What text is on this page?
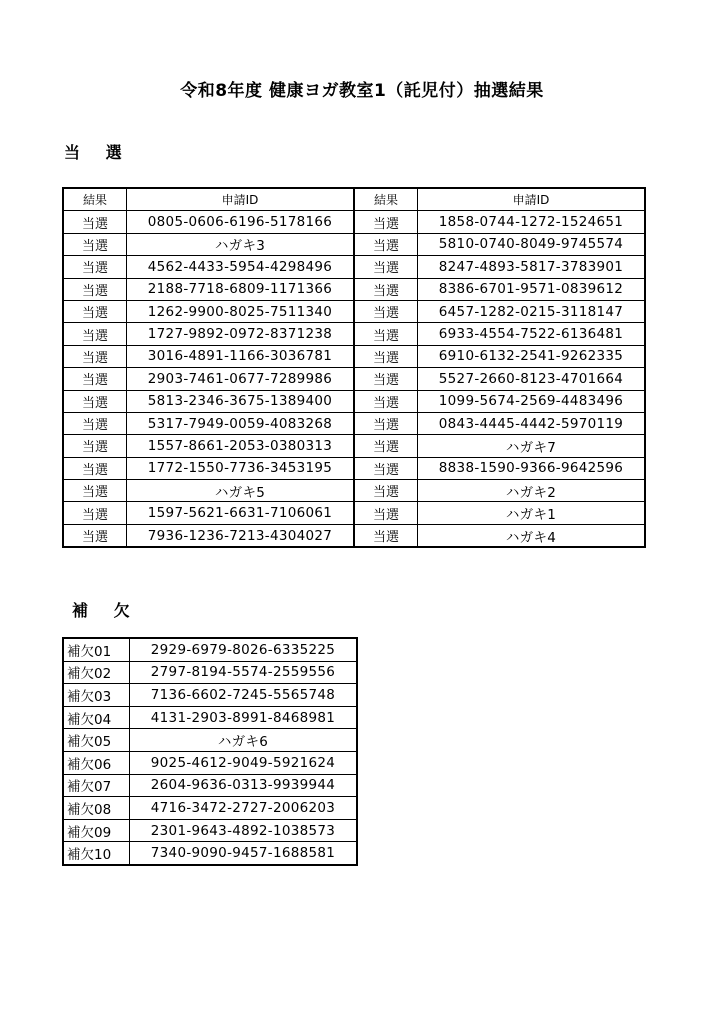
令和8年度 健康ヨガ教室1（託児付）抽選結果
当 選
結果	申請ID	結果	申請ID
当選	0805-0606-6196-5178166	当選	1858-0744-1272-1524651
当選	ハガキ3	当選	5810-0740-8049-9745574
当選	4562-4433-5954-4298496	当選	8247-4893-5817-3783901
当選	2188-7718-6809-1171366	当選	8386-6701-9571-0839612
当選	1262-9900-8025-7511340	当選	6457-1282-0215-3118147
当選	1727-9892-0972-8371238	当選	6933-4554-7522-6136481
当選	3016-4891-1166-3036781	当選	6910-6132-2541-9262335
当選	2903-7461-0677-7289986	当選	5527-2660-8123-4701664
当選	5813-2346-3675-1389400	当選	1099-5674-2569-4483496
当選	5317-7949-0059-4083268	当選	0843-4445-4442-5970119
当選	1557-8661-2053-0380313	当選	ハガキ7
当選	1772-1550-7736-3453195	当選	8838-1590-9366-9642596
当選	ハガキ5	当選	ハガキ2
当選	1597-5621-6631-7106061	当選	ハガキ1
当選	7936-1236-7213-4304027	当選	ハガキ4
補 欠
補欠01	2929-6979-8026-6335225
補欠02	2797-8194-5574-2559556
補欠03	7136-6602-7245-5565748
補欠04	4131-2903-8991-8468981
補欠05	ハガキ6
補欠06	9025-4612-9049-5921624
補欠07	2604-9636-0313-9939944
補欠08	4716-3472-2727-2006203
補欠09	2301-9643-4892-1038573
補欠10	7340-9090-9457-1688581
